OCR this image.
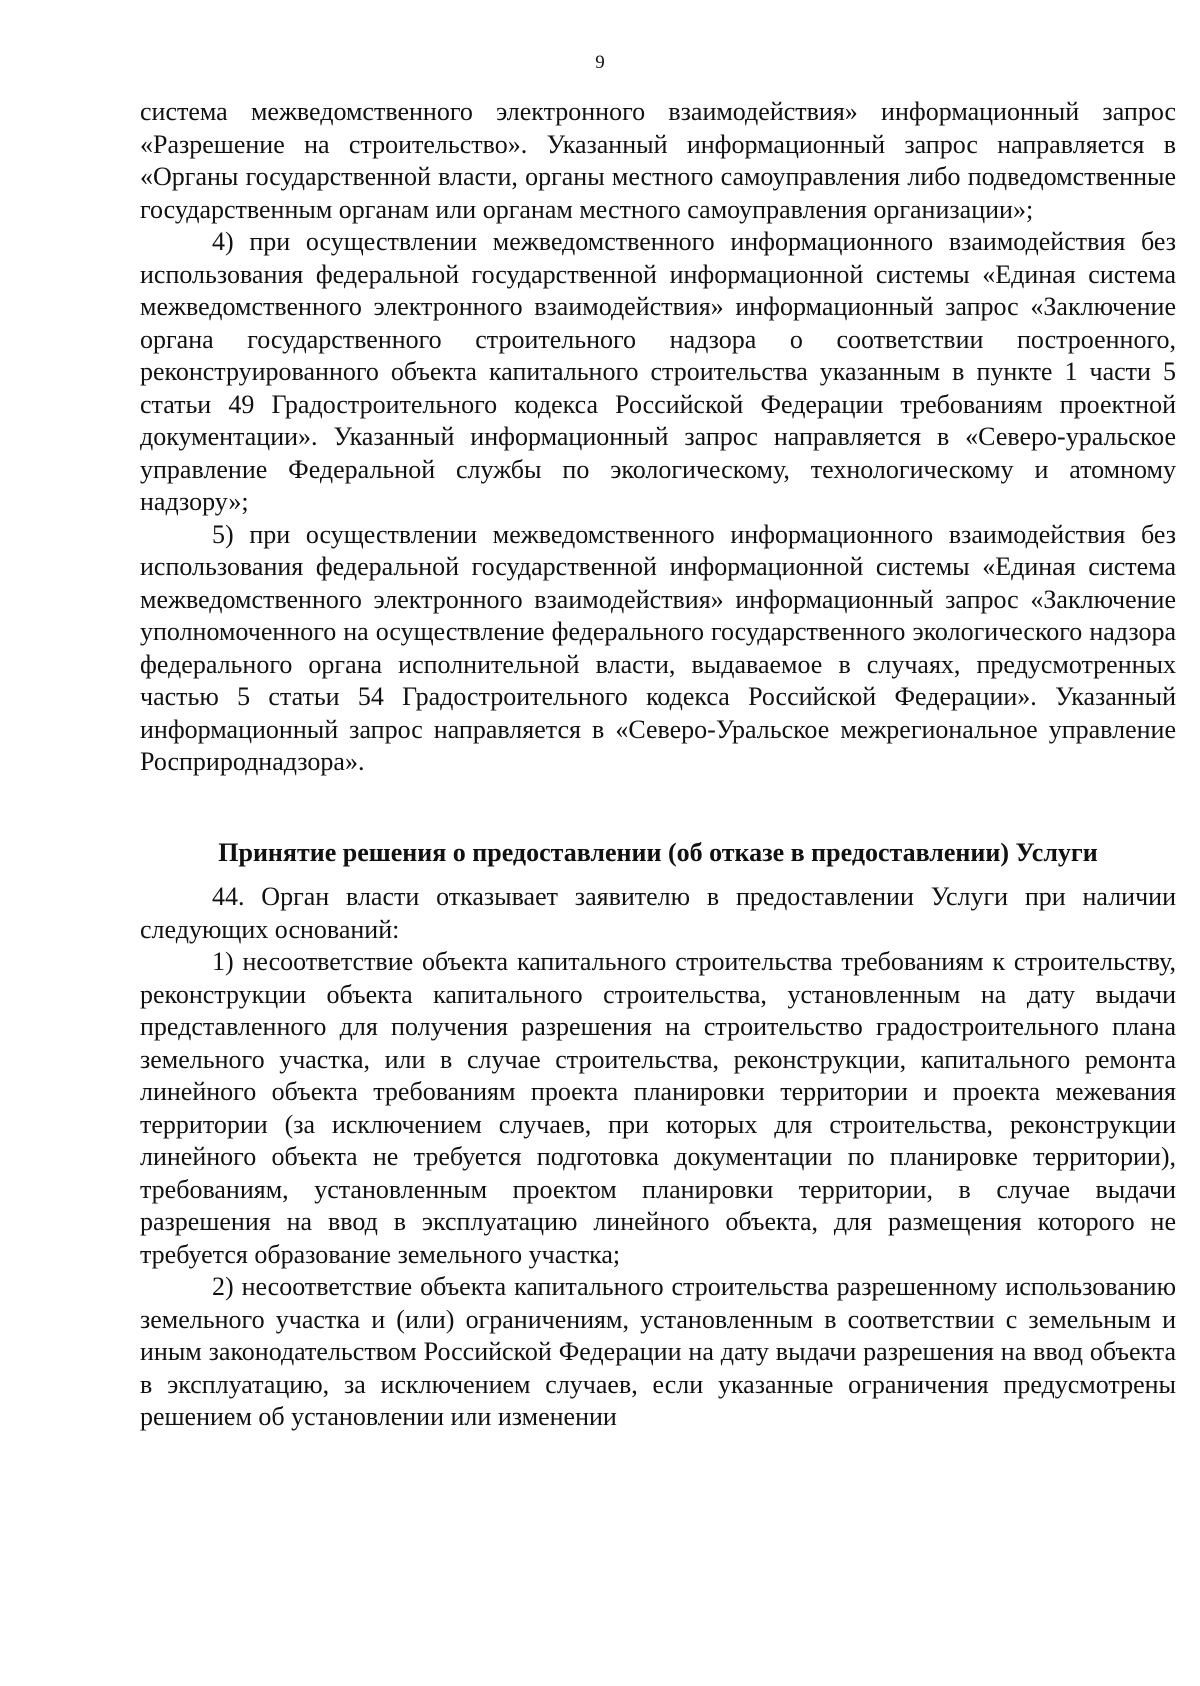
9

система межведомственного электронного взаимодействия» информационный запрос «Разрешение на строительство». Указанный информационный запрос направляется в «Органы государственной власти, органы местного самоуправления либо подведомственные государственным органам или органам местного самоуправления организации»;

4) при осуществлении межведомственного информационного взаимодействия без использования федеральной государственной информационной системы «Единая система межведомственного электронного взаимодействия» информационный запрос «Заключение органа государственного строительного надзора о соответствии построенного, реконструированного объекта капитального строительства указанным в пункте 1 части 5 статьи 49 Градостроительного кодекса Российской Федерации требованиям проектной документации». Указанный информационный запрос направляется в «Северо-уральское управление Федеральной службы по экологическому, технологическому и атомному надзору»;

5) при осуществлении межведомственного информационного взаимодействия без использования федеральной государственной информационной системы «Единая система межведомственного электронного взаимодействия» информационный запрос «Заключение уполномоченного на осуществление федерального государственного экологического надзора федерального органа исполнительной власти, выдаваемое в случаях, предусмотренных частью 5 статьи 54 Градостроительного кодекса Российской Федерации». Указанный информационный запрос направляется в «Северо-Уральское межрегиональное управление Росприроднадзора».

Принятие решения о предоставлении (об отказе в предоставлении) Услуги

44. Орган власти отказывает заявителю в предоставлении Услуги при наличии следующих оснований:

1) несоответствие объекта капитального строительства требованиям к строительству, реконструкции объекта капитального строительства, установленным на дату выдачи представленного для получения разрешения на строительство градостроительного плана земельного участка, или в случае строительства, реконструкции, капитального ремонта линейного объекта требованиям проекта планировки территории и проекта межевания территории (за исключением случаев, при которых для строительства, реконструкции линейного объекта не требуется подготовка документации по планировке территории), требованиям, установленным проектом планировки территории, в случае выдачи разрешения на ввод в эксплуатацию линейного объекта, для размещения которого не требуется образование земельного участка;

2) несоответствие объекта капитального строительства разрешенному использованию земельного участка и (или) ограничениям, установленным в соответствии с земельным и иным законодательством Российской Федерации на дату выдачи разрешения на ввод объекта в эксплуатацию, за исключением случаев, если указанные ограничения предусмотрены решением об установлении или изменении
